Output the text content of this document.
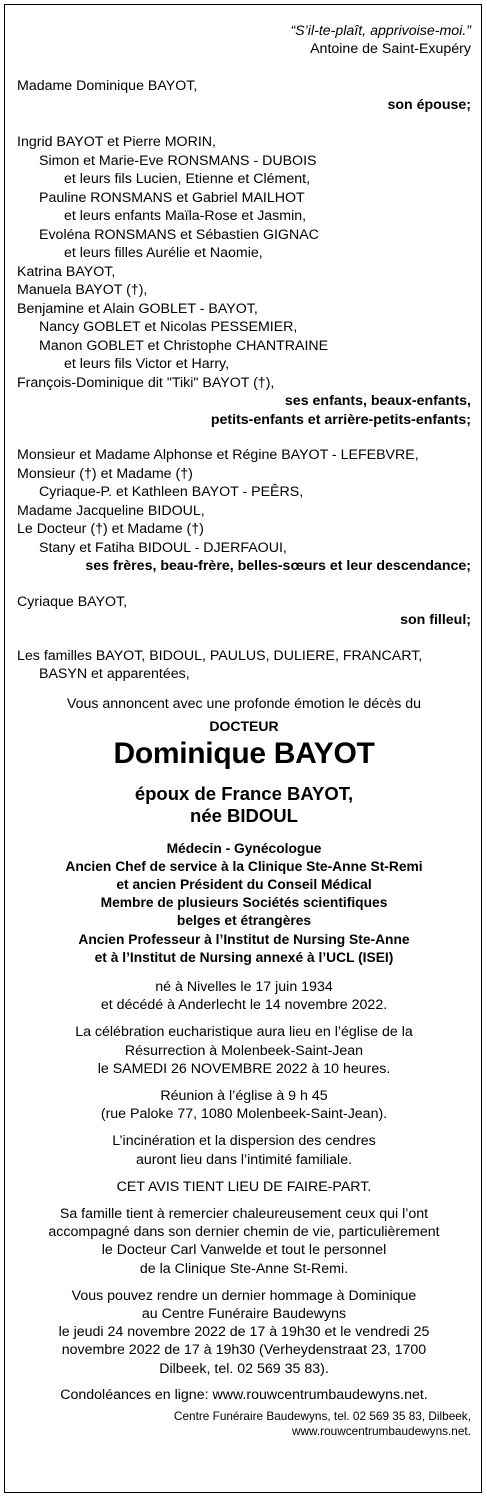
“S’il-te-plaît, apprivoise-moi.”
Antoine de Saint-Exupéry
Madame Dominique BAYOT,
son épouse;
Ingrid BAYOT et Pierre MORIN,
Simon et Marie-Eve RONSMANS - DUBOIS
et leurs fils Lucien, Etienne et Clément,
Pauline RONSMANS et Gabriel MAILHOT
et leurs enfants Maïla-Rose et Jasmin,
Evoléna RONSMANS et Sébastien GIGNAC
et leurs filles Aurélie et Naomie,
Katrina BAYOT,
Manuela BAYOT (†),
Benjamine et Alain GOBLET - BAYOT,
Nancy GOBLET et Nicolas PESSEMIER,
Manon GOBLET et Christophe CHANTRAINE
et leurs fils Victor et Harry,
François-Dominique dit "Tiki" BAYOT (†),
ses enfants, beaux-enfants,
petits-enfants et arrière-petits-enfants;
Monsieur et Madame Alphonse et Régine BAYOT - LEFEBVRE,
Monsieur (†) et Madame (†)
Cyriaque-P. et Kathleen BAYOT - PEÊRS,
Madame Jacqueline BIDOUL,
Le Docteur (†) et Madame (†)
Stany et Fatiha BIDOUL - DJERFAOUI,
ses frères, beau-frère, belles-sœurs et leur descendance;
Cyriaque BAYOT,
son filleul;
Les familles BAYOT, BIDOUL, PAULUS, DULIERE, FRANCART,
BASYN et apparentées,
Vous annoncent avec une profonde émotion le décès du
DOCTEUR
Dominique BAYOT
époux de France BAYOT,
née BIDOUL
Médecin - Gynécologue
Ancien Chef de service à la Clinique Ste-Anne St-Remi
et ancien Président du Conseil Médical
Membre de plusieurs Sociétés scientifiques
belges et étrangères
Ancien Professeur à l’Institut de Nursing Ste-Anne
et à l’Institut de Nursing annexé à l’UCL (ISEI)
né à Nivelles le 17 juin 1934
et décédé à Anderlecht le 14 novembre 2022.
La célébration eucharistique aura lieu en l’église de la
Résurrection à Molenbeek-Saint-Jean
le SAMEDI 26 NOVEMBRE 2022 à 10 heures.
Réunion à l’église à 9 h 45
(rue Paloke 77, 1080 Molenbeek-Saint-Jean).
L’incinération et la dispersion des cendres
auront lieu dans l’intimité familiale.
CET AVIS TIENT LIEU DE FAIRE-PART.
Sa famille tient à remercier chaleureusement ceux qui l’ont
accompagné dans son dernier chemin de vie, particulièrement
le Docteur Carl Vanwelde et tout le personnel
de la Clinique Ste-Anne St-Remi.
Vous pouvez rendre un dernier hommage à Dominique
au Centre Funéraire Baudewyns
le jeudi 24 novembre 2022 de 17 à 19h30 et le vendredi 25
novembre 2022 de 17 à 19h30 (Verheydenstraat 23, 1700
Dilbeek, tel. 02 569 35 83).
Condoléances en ligne: www.rouwcentrumbaudewyns.net.
Centre Funéraire Baudewyns, tel. 02 569 35 83, Dilbeek,
www.rouwcentrumbaudewyns.net.
